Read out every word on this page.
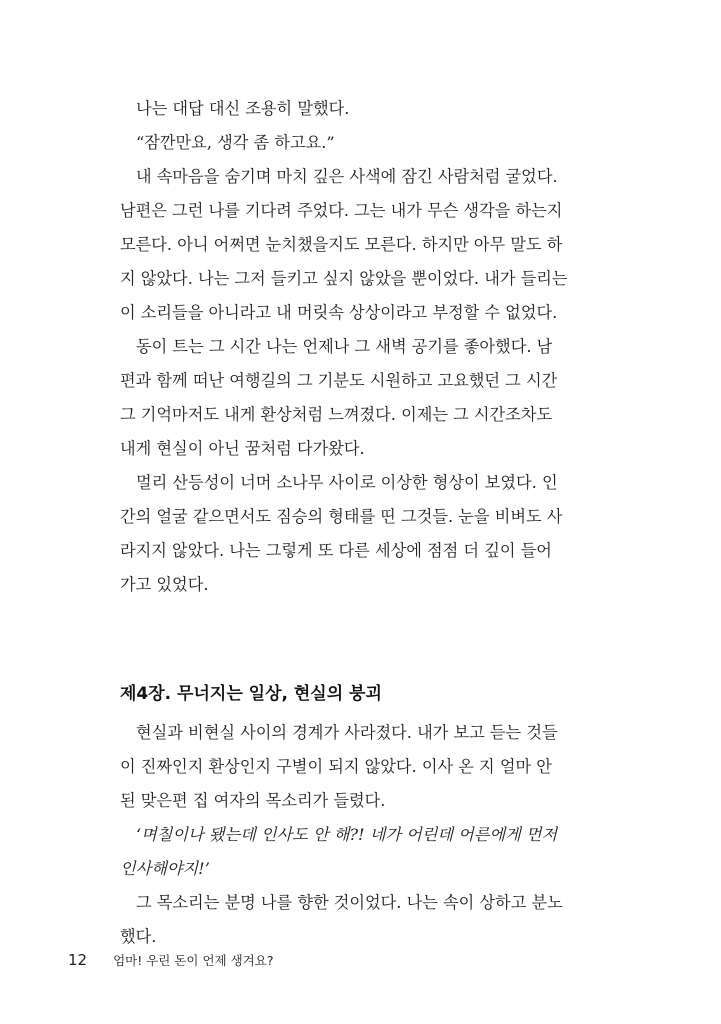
나는 대답 대신 조용히 말했다.
“잠깐만요, 생각 좀 하고요.”
내 속마음을 숨기며 마치 깊은 사색에 잠긴 사람처럼 굴었다.
남편은 그런 나를 기다려 주었다. 그는 내가 무슨 생각을 하는지
모른다. 아니 어쩌면 눈치챘을지도 모른다. 하지만 아무 말도 하
지 않았다. 나는 그저 들키고 싶지 않았을 뿐이었다. 내가 들리는
이 소리들을 아니라고 내 머릿속 상상이라고 부정할 수 없었다.
동이 트는 그 시간 나는 언제나 그 새벽 공기를 좋아했다. 남
편과 함께 떠난 여행길의 그 기분도 시원하고 고요했던 그 시간
그 기억마저도 내게 환상처럼 느껴졌다. 이제는 그 시간조차도
내게 현실이 아닌 꿈처럼 다가왔다.
멀리 산등성이 너머 소나무 사이로 이상한 형상이 보였다. 인
간의 얼굴 같으면서도 짐승의 형태를 띤 그것들. 눈을 비벼도 사
라지지 않았다. 나는 그렇게 또 다른 세상에 점점 더 깊이 들어
가고 있었다.
제4장. 무너지는 일상, 현실의 붕괴
현실과 비현실 사이의 경계가 사라졌다. 내가 보고 듣는 것들
이 진짜인지 환상인지 구별이 되지 않았다. 이사 온 지 얼마 안
된 맞은편 집 여자의 목소리가 들렸다.
‘며칠이나 됐는데 인사도 안 해?! 네가 어린데 어른에게 먼저
인사해야지!’
그 목소리는 분명 나를 향한 것이었다. 나는 속이 상하고 분노
했다.
12 엄마! 우린 돈이 언제 생겨요?
